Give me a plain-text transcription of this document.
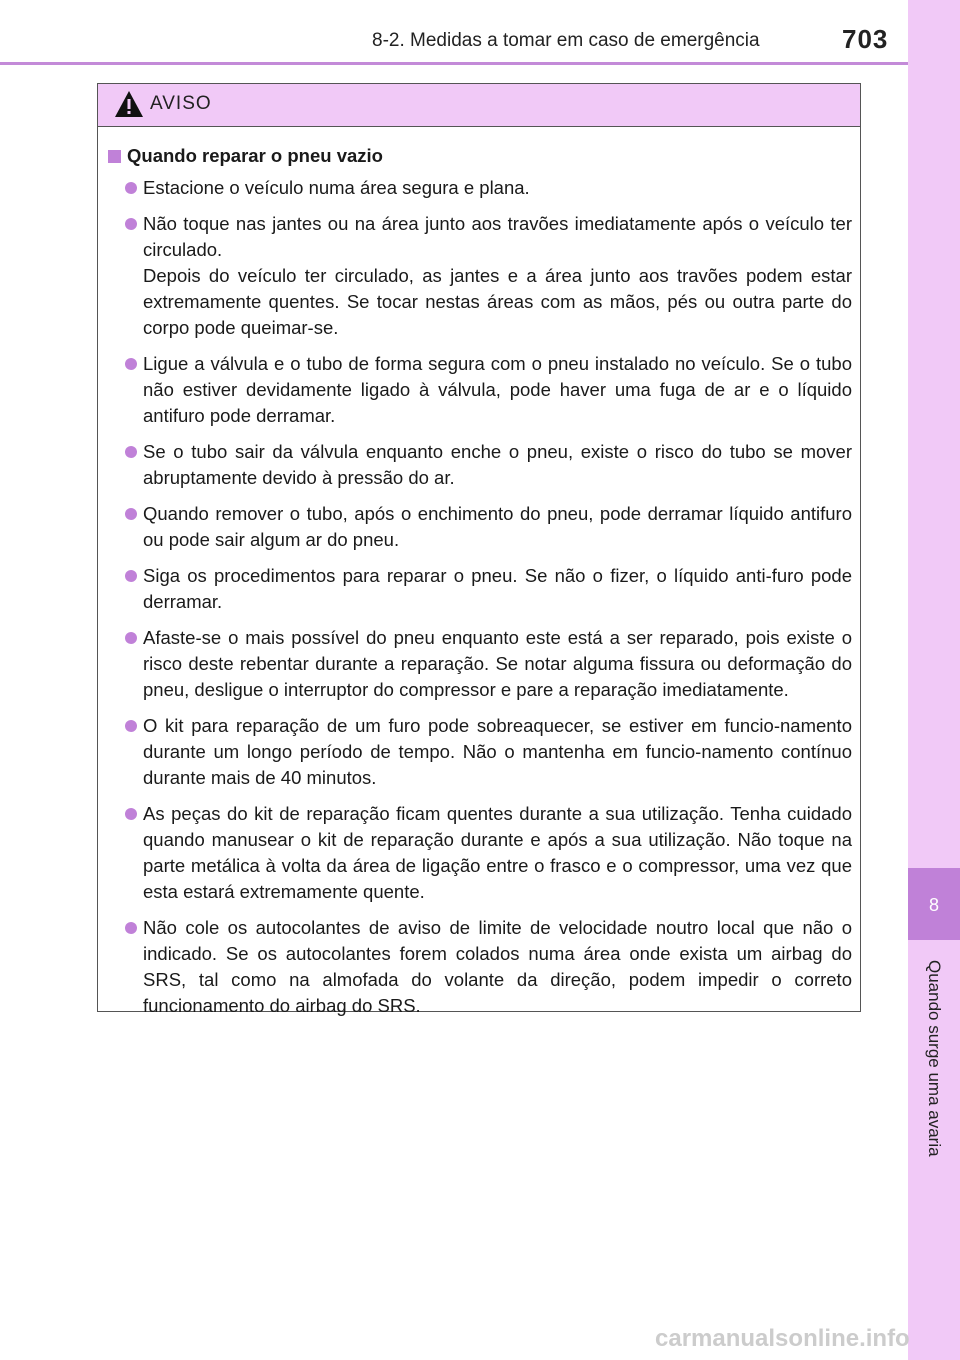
8-2. Medidas a tomar em caso de emergência	703
8
Quando surge uma avaria
AVISO
Quando reparar o pneu vazio

Estacione o veículo numa área segura e plana.

Não toque nas jantes ou na área junto aos travões imediatamente após o veículo ter circulado.

Depois do veículo ter circulado, as jantes e a área junto aos travões podem estar extremamente quentes. Se tocar nestas áreas com as mãos, pés ou outra parte do corpo pode queimar-se.

Ligue a válvula e o tubo de forma segura com o pneu instalado no veículo. Se o tubo não estiver devidamente ligado à válvula, pode haver uma fuga de ar e o líquido antifuro pode derramar.

Se o tubo sair da válvula enquanto enche o pneu, existe o risco do tubo se mover abruptamente devido à pressão do ar.

Quando remover o tubo, após o enchimento do pneu, pode derramar líquido antifuro ou pode sair algum ar do pneu.

Siga os procedimentos para reparar o pneu. Se não o fizer, o líquido anti-furo pode derramar.

Afaste-se o mais possível do pneu enquanto este está a ser reparado, pois existe o risco deste rebentar durante a reparação. Se notar alguma fissura ou deformação do pneu, desligue o interruptor do compressor e pare a reparação imediatamente.

O kit para reparação de um furo pode sobreaquecer, se estiver em funcio-namento durante um longo período de tempo. Não o mantenha em funcio-namento contínuo durante mais de 40 minutos.

As peças do kit de reparação ficam quentes durante a sua utilização. Tenha cuidado quando manusear o kit de reparação durante e após a sua utilização. Não toque na parte metálica à volta da área de ligação entre o frasco e o compressor, uma vez que esta estará extremamente quente.

Não cole os autocolantes de aviso de limite de velocidade noutro local que não o indicado. Se os autocolantes forem colados numa área onde exista um airbag do SRS, tal como na almofada do volante da direção, podem impedir o correto funcionamento do airbag do SRS.

carmanualsonline.info
